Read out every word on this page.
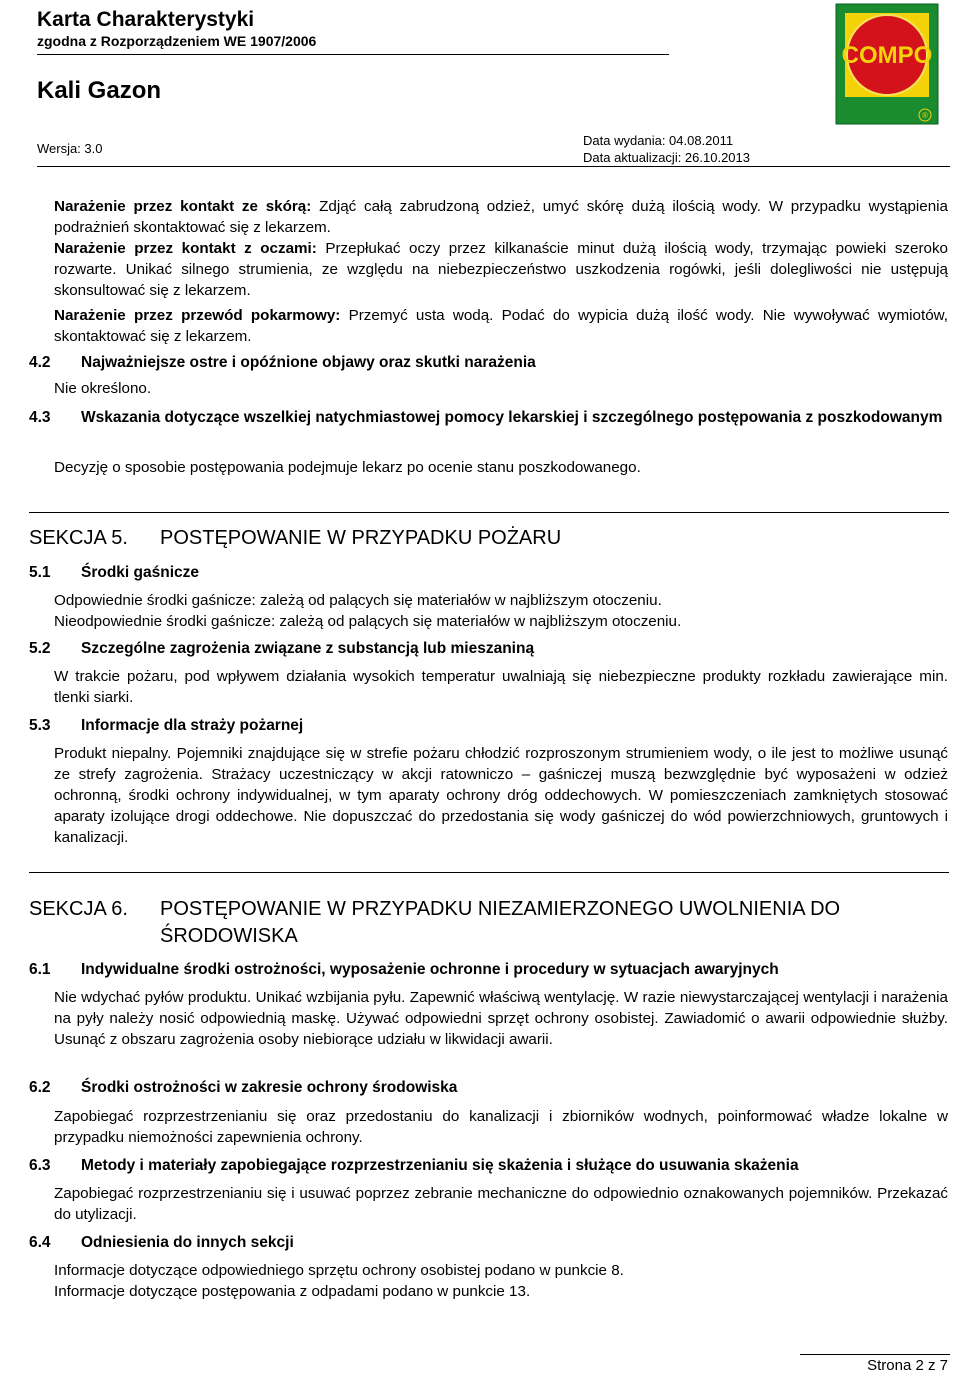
Karta Charakterystyki
zgodna z Rozporządzeniem WE 1907/2006
Kali Gazon
Wersja: 3.0
Data wydania: 04.08.2011
Data aktualizacji: 26.10.2013
COMPO
®
Narażenie przez kontakt ze skórą: Zdjąć całą zabrudzoną odzież, umyć skórę dużą ilością wody. W przypadku wystąpienia podrażnień skontaktować się z lekarzem.
Narażenie przez kontakt z oczami: Przepłukać oczy przez kilkanaście minut dużą ilością wody, trzymając powieki szeroko rozwarte. Unikać silnego strumienia, ze względu na niebezpieczeństwo uszkodzenia rogówki, jeśli dolegliwości nie ustępują skonsultować się z lekarzem.
Narażenie przez przewód pokarmowy: Przemyć usta wodą. Podać do wypicia dużą ilość wody. Nie wywoływać wymiotów, skontaktować się z lekarzem.
4.2	Najważniejsze ostre i opóźnione objawy oraz skutki narażenia
Nie określono.
4.3	Wskazania dotyczące wszelkiej natychmiastowej pomocy lekarskiej i szczególnego postępowania z poszkodowanym
Decyzję o sposobie postępowania podejmuje lekarz po ocenie stanu poszkodowanego.
SEKCJA 5. POSTĘPOWANIE W PRZYPADKU POŻARU
5.1	Środki gaśnicze
Odpowiednie środki gaśnicze: zależą od palących się materiałów w najbliższym otoczeniu.
Nieodpowiednie środki gaśnicze: zależą od palących się materiałów w najbliższym otoczeniu.
5.2	Szczególne zagrożenia związane z substancją lub mieszaniną
W trakcie pożaru, pod wpływem działania wysokich temperatur uwalniają się niebezpieczne produkty rozkładu zawierające min. tlenki siarki.
5.3	Informacje dla straży pożarnej
Produkt niepalny. Pojemniki znajdujące się w strefie pożaru chłodzić rozproszonym strumieniem wody, o ile jest to możliwe usunąć ze strefy zagrożenia. Strażacy uczestniczący w akcji ratowniczo – gaśniczej muszą bezwzględnie być wyposażeni w odzież ochronną, środki ochrony indywidualnej, w tym aparaty ochrony dróg oddechowych. W pomieszczeniach zamkniętych stosować aparaty izolujące drogi oddechowe. Nie dopuszczać do przedostania się wody gaśniczej do wód powierzchniowych, gruntowych i kanalizacji.
SEKCJA 6. POSTĘPOWANIE W PRZYPADKU NIEZAMIERZONEGO UWOLNIENIA DO ŚRODOWISKA
6.1	Indywidualne środki ostrożności, wyposażenie ochronne i procedury w sytuacjach awaryjnych
Nie wdychać pyłów produktu. Unikać wzbijania pyłu. Zapewnić właściwą wentylację. W razie niewystarczającej wentylacji i narażenia na pyły należy nosić odpowiednią maskę. Używać odpowiedni sprzęt ochrony osobistej. Zawiadomić o awarii odpowiednie służby. Usunąć z obszaru zagrożenia osoby niebiorące udziału w likwidacji awarii.
6.2	Środki ostrożności w zakresie ochrony środowiska
Zapobiegać rozprzestrzenianiu się oraz przedostaniu do kanalizacji i zbiorników wodnych, poinformować władze lokalne w przypadku niemożności zapewnienia ochrony.
6.3	Metody i materiały zapobiegające rozprzestrzenianiu się skażenia i służące do usuwania skażenia
Zapobiegać rozprzestrzenianiu się i usuwać poprzez zebranie mechaniczne do odpowiednio oznakowanych pojemników. Przekazać do utylizacji.
6.4	Odniesienia do innych sekcji
Informacje dotyczące odpowiedniego sprzętu ochrony osobistej podano w punkcie 8.
Informacje dotyczące postępowania z odpadami podano w punkcie 13.
Strona 2 z 7
